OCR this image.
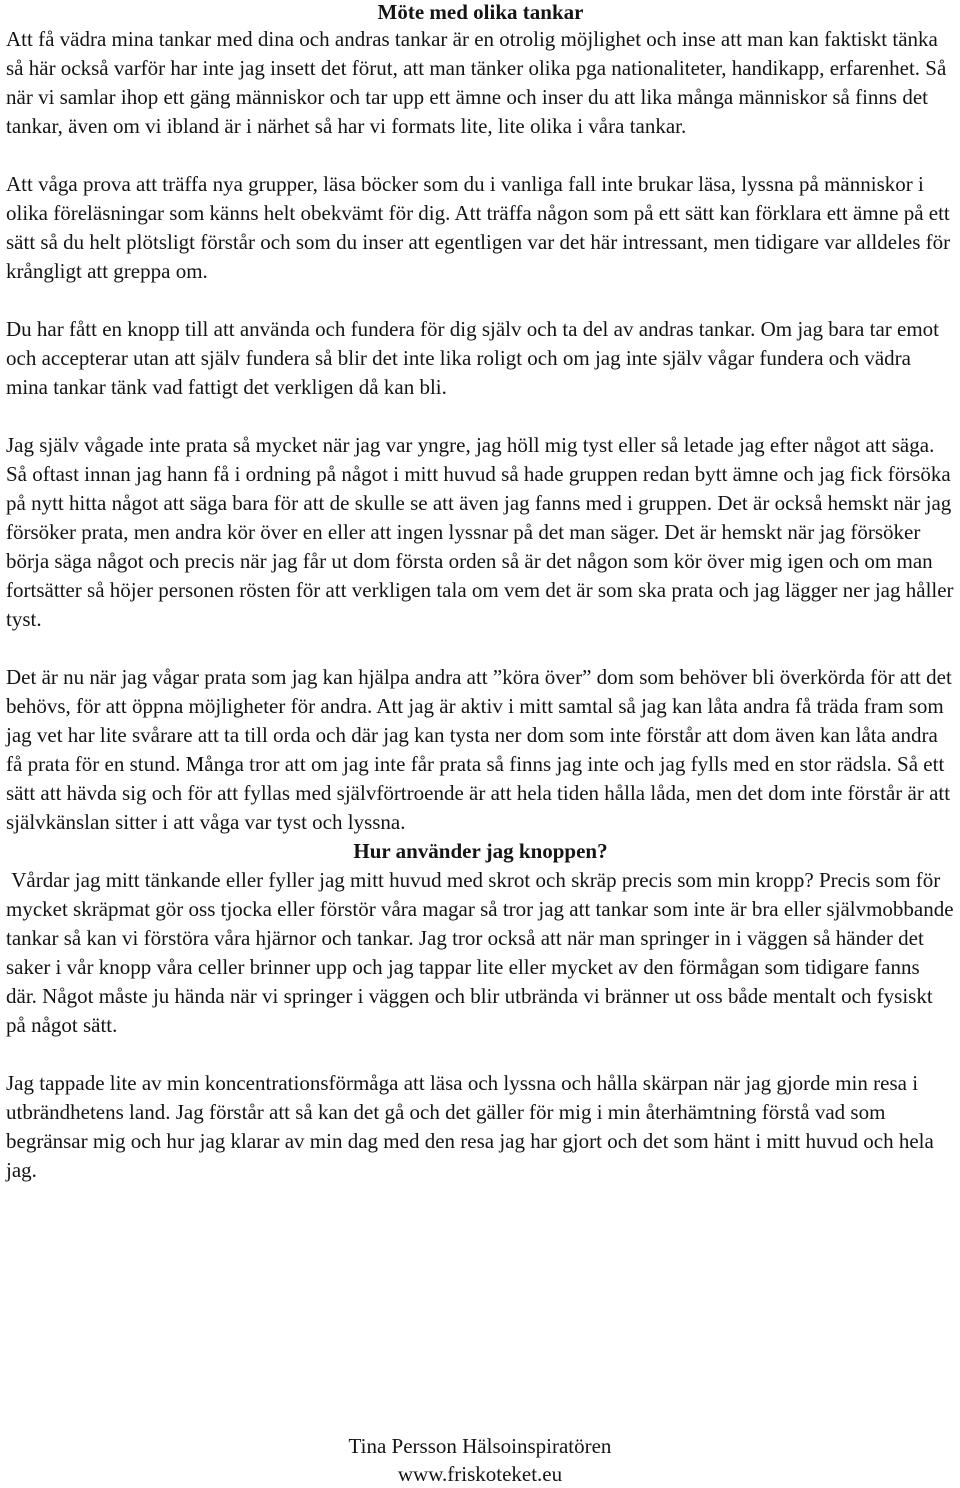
Möte med olika tankar

Att få vädra mina tankar med dina och andras tankar är en otrolig möjlighet och inse att man kan faktiskt tänka så här också varför har inte jag insett det förut, att man tänker olika pga nationaliteter, handikapp, erfarenhet. Så när vi samlar ihop ett gäng människor och tar upp ett ämne och inser du att lika många människor så finns det tankar, även om vi ibland är i närhet så har vi formats lite, lite olika i våra tankar.

Att våga prova att träffa nya grupper, läsa böcker som du i vanliga fall inte brukar läsa, lyssna på människor i olika föreläsningar som känns helt obekvämt för dig. Att träffa någon som på ett sätt kan förklara ett ämne på ett sätt så du helt plötsligt förstår och som du inser att egentligen var det här intressant, men tidigare var alldeles för krångligt att greppa om.

Du har fått en knopp till att använda och fundera för dig själv och ta del av andras tankar. Om jag bara tar emot och accepterar utan att själv fundera så blir det inte lika roligt och om jag inte själv vågar fundera och vädra mina tankar tänk vad fattigt det verkligen då kan bli.

Jag själv vågade inte prata så mycket när jag var yngre, jag höll mig tyst eller så letade jag efter något att säga. Så oftast innan jag hann få i ordning på något i mitt huvud så hade gruppen redan bytt ämne och jag fick försöka på nytt hitta något att säga bara för att de skulle se att även jag fanns med i gruppen. Det är också hemskt när jag försöker prata, men andra kör över en eller att ingen lyssnar på det man säger. Det är hemskt när jag försöker börja säga något och precis när jag får ut dom första orden så är det någon som kör över mig igen och om man fortsätter så höjer personen rösten för att verkligen tala om vem det är som ska prata och jag lägger ner jag håller tyst.

Det är nu när jag vågar prata som jag kan hjälpa andra att ”köra över” dom som behöver bli överkörda för att det behövs, för att öppna möjligheter för andra. Att jag är aktiv i mitt samtal så jag kan låta andra få träda fram som jag vet har lite svårare att ta till orda och där jag kan tysta ner dom som inte förstår att dom även kan låta andra få prata för en stund. Många tror att om jag inte får prata så finns jag inte och jag fylls med en stor rädsla. Så ett sätt att hävda sig och för att fyllas med självförtroende är att hela tiden hålla låda, men det dom inte förstår är att självkänslan sitter i att våga var tyst och lyssna.

Hur använder jag knoppen?

Vårdar jag mitt tänkande eller fyller jag mitt huvud med skrot och skräp precis som min kropp? Precis som för mycket skräpmat gör oss tjocka eller förstör våra magar så tror jag att tankar som inte är bra eller självmobbande tankar så kan vi förstöra våra hjärnor och tankar. Jag tror också att när man springer in i väggen så händer det saker i vår knopp våra celler brinner upp och jag tappar lite eller mycket av den förmågan som tidigare fanns där. Något måste ju hända när vi springer i väggen och blir utbrända vi bränner ut oss både mentalt och fysiskt på något sätt.

Jag tappade lite av min koncentrationsförmåga att läsa och lyssna och hålla skärpan när jag gjorde min resa i utbrändhetens land. Jag förstår att så kan det gå och det gäller för mig i min återhämtning förstå vad som begränsar mig och hur jag klarar av min dag med den resa jag har gjort och det som hänt i mitt huvud och hela jag.

Tina Persson Hälsoinspiratören
www.friskoteket.eu
